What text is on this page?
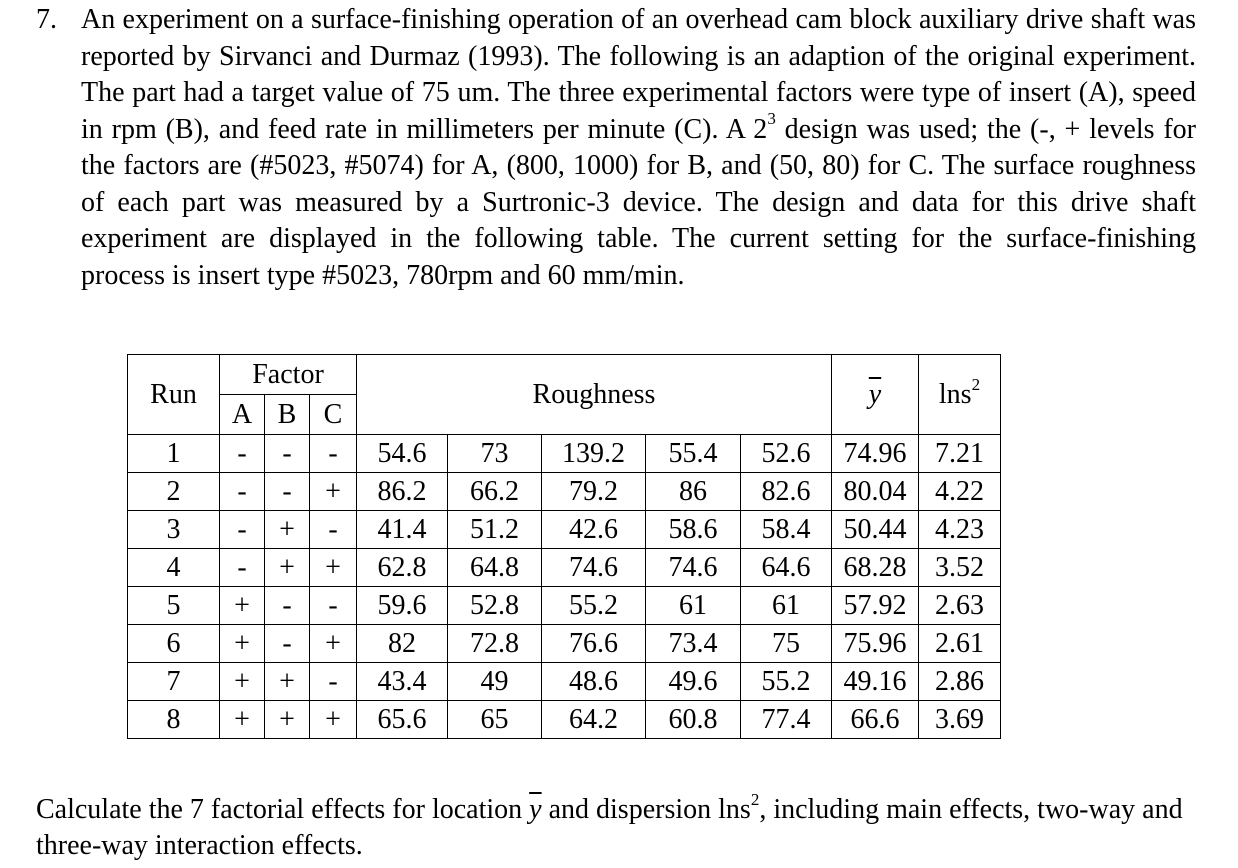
7. An experiment on a surface-finishing operation of an overhead cam block auxiliary drive shaft was reported by Sirvanci and Durmaz (1993). The following is an adaption of the original experiment. The part had a target value of 75 um. The three experimental factors were type of insert (A), speed in rpm (B), and feed rate in millimeters per minute (C). A $2^3$ design was used; the (-, + levels for the factors are (#5023, #5074) for A, (800, 1000) for B, and (50, 80) for C. The surface roughness of each part was measured by a Surtronic-3 device. The design and data for this drive shaft experiment are displayed in the following table. The current setting for the surface-finishing process is insert type #5023, 780rpm and 60 mm/min.
Run	Factor			Roughness					$\overline{y}$	lns$^2$
	A	B	C							
1	-	-	-	54.6	73	139.2	55.4	52.6	74.96	7.21
2	-	-	+	86.2	66.2	79.2	86	82.6	80.04	4.22
3	-	+	-	41.4	51.2	42.6	58.6	58.4	50.44	4.23
4	-	+	+	62.8	64.8	74.6	74.6	64.6	68.28	3.52
5	+	-	-	59.6	52.8	55.2	61	61	57.92	2.63
6	+	-	+	82	72.8	76.6	73.4	75	75.96	2.61
7	+	+	-	43.4	49	48.6	49.6	55.2	49.16	2.86
8	+	+	+	65.6	65	64.2	60.8	77.4	66.6	3.69
Calculate the 7 factorial effects for location $\overline{y}$ and dispersion lns$^2$, including main effects, two-way and three-way interaction effects.
